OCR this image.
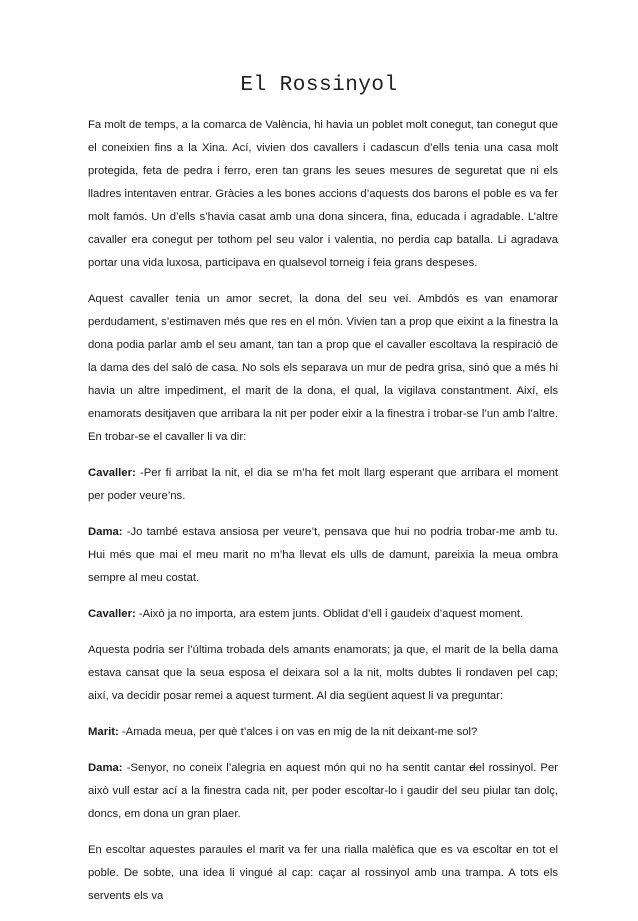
El Rossinyol

Fa molt de temps, a la comarca de València, hi havia un poblet molt conegut, tan conegut que el coneixien fins a la Xina. Ací, vivien dos cavallers i cadascun d’ells tenia una casa molt protegida, feta de pedra i ferro, eren tan grans les seues mesures de seguretat que ni els lladres intentaven entrar. Gràcies a les bones accions d’aquests dos barons el poble es va fer molt famós. Un d’ells s’havia casat amb una dona sincera, fina, educada i agradable. L’altre cavaller era conegut per tothom pel seu valor i valentia, no perdia cap batalla. Li agradava portar una vida luxosa, participava en qualsevol torneig i feia grans despeses.

Aquest cavaller tenia un amor secret, la dona del seu veí. Ambdós es van enamorar perdudament, s’estimaven més que res en el món. Vivien tan a prop que eixint a la finestra la dona podia parlar amb el seu amant, tan tan a prop que el cavaller escoltava la respiració de la dama des del saló de casa. No sols els separava un mur de pedra grisa, sinó que a més hi havia un altre impediment, el marit de la dona, el qual, la vigilava constantment. Així, els enamorats desitjaven que arribara la nit per poder eixir a la finestra i trobar-se l’un amb l’altre. En trobar-se el cavaller li va dir:

Cavaller: -Per fi arribat la nit, el dia se m’ha fet molt llarg esperant que arribara el moment per poder veure’ns.

Dama: -Jo també estava ansiosa per veure’t, pensava que hui no podria trobar-me amb tu. Hui més que mai el meu marit no m’ha llevat els ulls de damunt, pareixia la meua ombra sempre al meu costat.

Cavaller: -Això ja no importa, ara estem junts. Oblidat d’ell i gaudeix d’aquest moment.

Aquesta podria ser l’última trobada dels amants enamorats; ja que, el marit de la bella dama estava cansat que la seua esposa el deixara sol a la nit, molts dubtes li rondaven pel cap; així, va decidir posar remei a aquest turment. Al dia següent aquest li va preguntar:

Marit: -Amada meua, per què t’alces i on vas en mig de la nit deixant-me sol?

Dama: -Senyor, no coneix l’alegria en aquest món qui no ha sentit cantar del rossinyol. Per això vull estar ací a la finestra cada nit, per poder escoltar-lo i gaudir del seu piular tan dolç, doncs, em dona un gran plaer.

En escoltar aquestes paraules el marit va fer una rialla malèfica que es va escoltar en tot el poble. De sobte, una idea li vingué al cap: caçar al rossinyol amb una trampa. A tots els servents els va
